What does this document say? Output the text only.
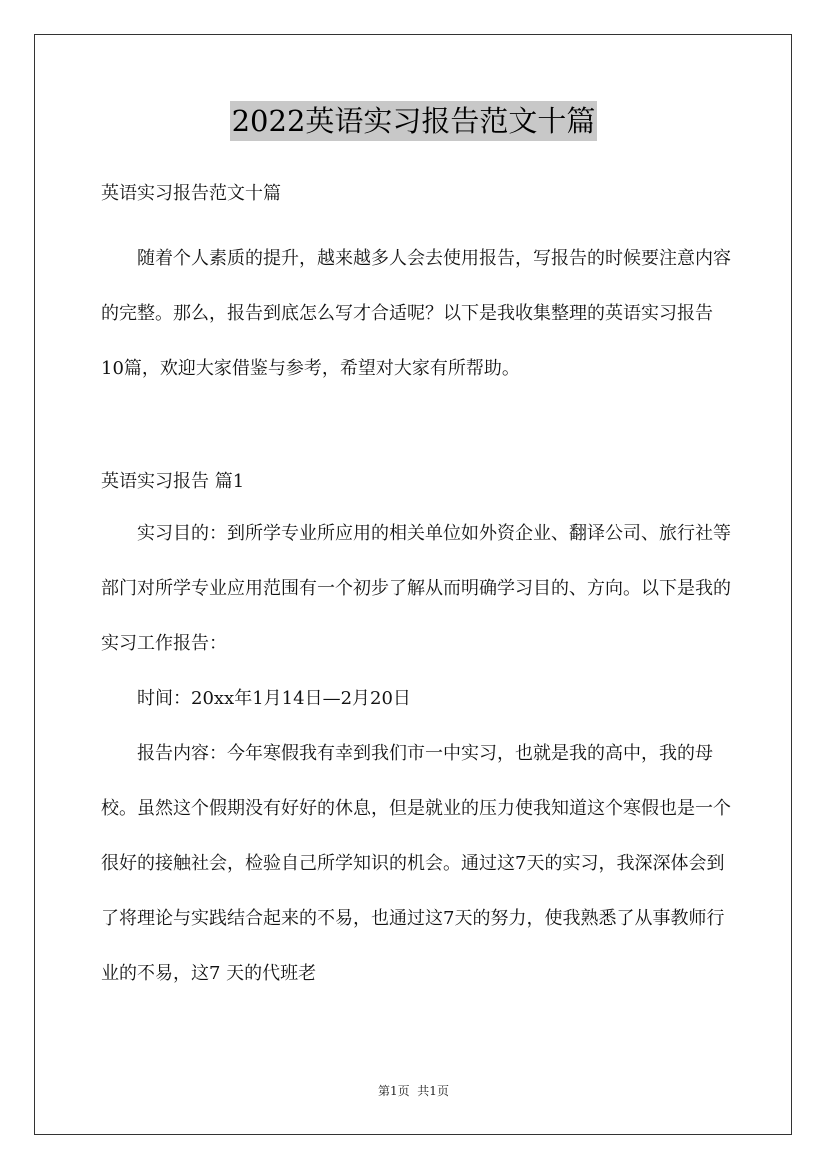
2022英语实习报告范文十篇
英语实习报告范文十篇

随着个人素质的提升，越来越多人会去使用报告，写报告的时候要注意内容的完整。那么，报告到底怎么写才合适呢？以下是我收集整理的英语实习报告10篇，欢迎大家借鉴与参考，希望对大家有所帮助。

英语实习报告 篇1

实习目的：到所学专业所应用的相关单位如外资企业、翻译公司、旅行社等部门对所学专业应用范围有一个初步了解从而明确学习目的、方向。以下是我的实习工作报告：

时间：20xx年1月14日—2月20日

报告内容：今年寒假我有幸到我们市一中实习，也就是我的高中，我的母校。虽然这个假期没有好好的休息，但是就业的压力使我知道这个寒假也是一个很好的接触社会，检验自己所学知识的机会。通过这7天的实习，我深深体会到了将理论与实践结合起来的不易，也通过这7天的努力，使我熟悉了从事教师行业的不易，这7 天的代班老

第1页  共1页
